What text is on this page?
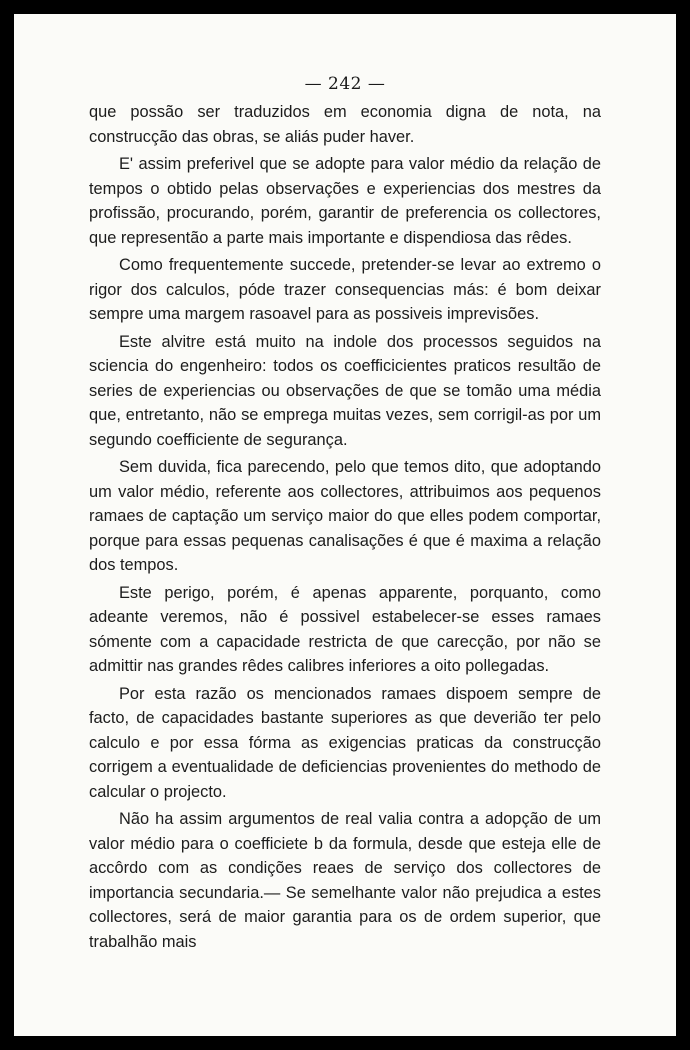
— 242 —

que possão ser traduzidos em economia digna de nota, na construcção das obras, se aliás puder haver.

E' assim preferivel que se adopte para valor médio da relação de tempos o obtido pelas observações e experiencias dos mestres da profissão, procurando, porém, garantir de preferencia os collectores, que representão a parte mais importante e dispendiosa das rêdes.

Como frequentemente succede, pretender-se levar ao extremo o rigor dos calculos, póde trazer consequencias más: é bom deixar sempre uma margem rasoavel para as possiveis imprevisões.

Este alvitre está muito na indole dos processos seguidos na sciencia do engenheiro: todos os coefficicientes praticos resultão de series de experiencias ou observações de que se tomão uma média que, entretanto, não se emprega muitas vezes, sem corrigil-as por um segundo coefficiente de segurança.

Sem duvida, fica parecendo, pelo que temos dito, que adoptando um valor médio, referente aos collectores, attribuimos aos pequenos ramaes de captação um serviço maior do que elles podem comportar, porque para essas pequenas canalisações é que é maxima a relação dos tempos.

Este perigo, porém, é apenas apparente, porquanto, como adeante veremos, não é possivel estabelecer-se esses ramaes sómente com a capacidade restricta de que carecção, por não se admittir nas grandes rêdes calibres inferiores a oito pollegadas.

Por esta razão os mencionados ramaes dispoem sempre de facto, de capacidades bastante superiores as que deverião ter pelo calculo e por essa fórma as exigencias praticas da construcção corrigem a eventualidade de deficiencias provenientes do methodo de calcular o projecto.

Não ha assim argumentos de real valia contra a adopção de um valor médio para o coefficiete b da formula, desde que esteja elle de accôrdo com as condições reaes de serviço dos collectores de importancia secundaria.— Se semelhante valor não prejudica a estes collectores, será de maior garantia para os de ordem superior, que trabalhão mais
